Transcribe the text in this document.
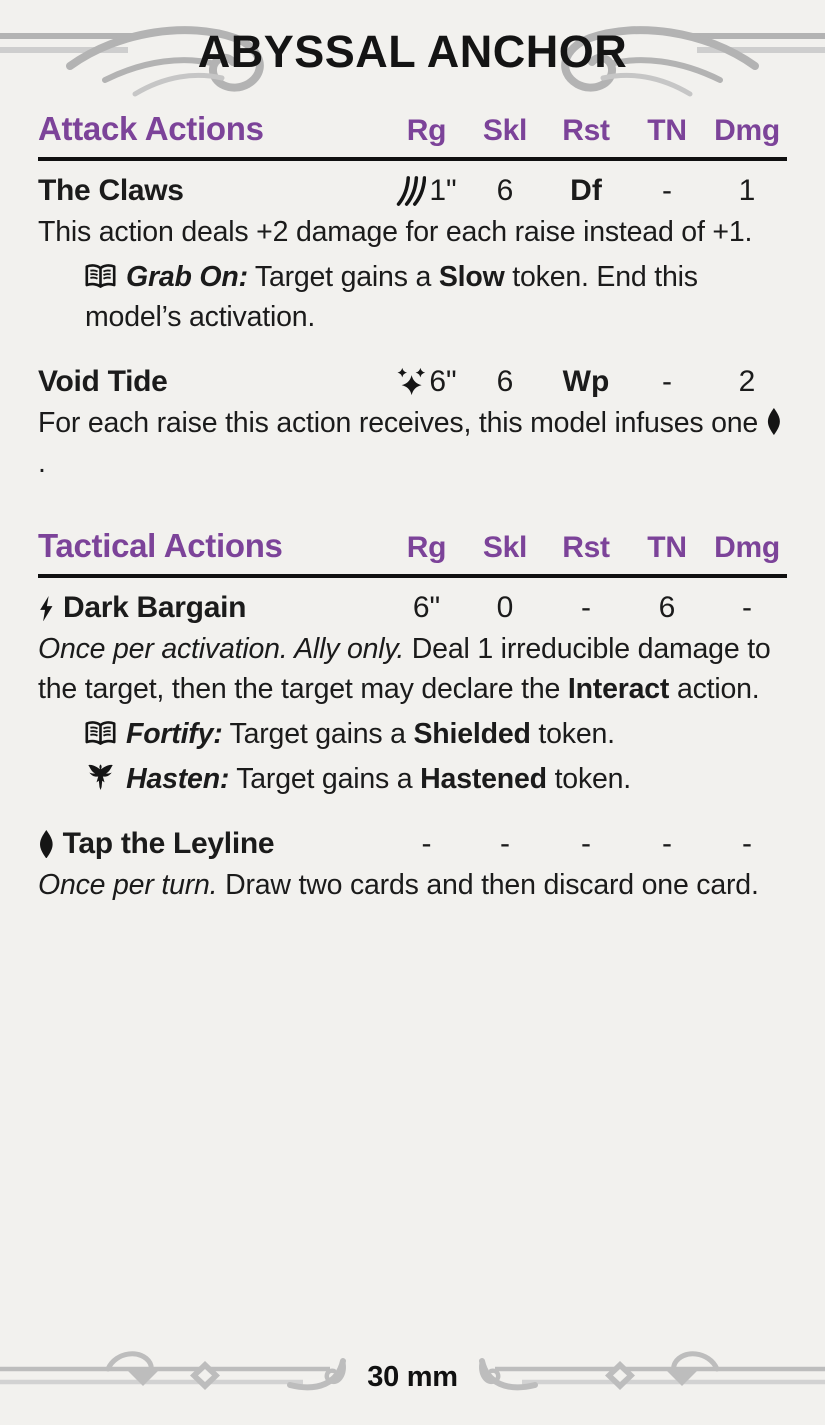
ABYSSAL ANCHOR
Attack Actions	Rg	Skl	Rst	TN Dmg
The Claws	1" 6 Df - 1

This action deals +2 damage for each raise instead of +1.

Grab On: Target gains a Slow token. End this model’s activation.
Void Tide	6" 6 Wp - 2

For each raise this action receives, this model infuses one
.

Tactical Actions	Rg	Skl	Rst	TN Dmg
Dark Bargain	6" 0 - 6 -

Once per activation. Ally only. Deal 1 irreducible damage to the target, then the target may declare the Interact action.

Fortify: Target gains a Shielded token.
Hasten: Target gains a Hastened token.
Tap the Leyline	- - - - -

Once per turn. Draw two cards and then discard one card.

30 mm
